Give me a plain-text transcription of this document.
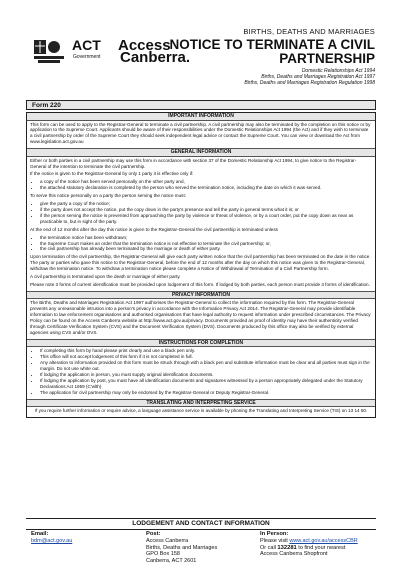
ACT
Government
Access
Canberra.
BIRTHS, DEATHS AND MARRIAGES
NOTICE TO TERMINATE A CIVIL
PARTNERSHIP
Domestic Relationships Act 1994
Births, Deaths and Marriages Registration Act 1997
Births, Deaths and Marriages Registration Regulation 1998
Form 220
IMPORTANT INFORMATION

This form can be used to apply to the Registrar-General to terminate a civil partnership. A civil partnership may also be terminated by the completion on this notice or by application to the Supreme Court. Applicants should be aware of their responsibilities under the Domestic Relationships Act 1994 (the Act) and if they wish to terminate a civil partnership by order of the Supreme Court they should seek independent legal advice or contact the Supreme Court. You can view or download the Act from www.legislation.act.gov.au

GENERAL INFORMATION

Either or both parties in a civil partnership may use this form in accordance with section 37 of the Domestic Relationship Act 1994, to give notice to the Registrar-General of the intention to terminate the civil partnership.

If the notice is given to the Registrar-General by only 1 party it is effective only if:

• a copy of the notice has been served personally on the other party and,
• the attached statutory declaration is completed by the person who served the termination notice, including the date on which it was served.

To serve this notice personally on a party the person serving the notice must:

• give the party a copy of the notice;
• if the party does not accept the notice, put the copy down in the party's presence and tell the party in general terms what it is; or
• if the person serving the notice is prevented from approaching the party by violence or threat of violence, or by a court order, put the copy down as near as practicable to, but in sight of the party.

At the end of 12 months after the day this notice is given to the Registrar-General the civil partnership is terminated unless

• the termination notice has been withdrawn;
• the Supreme Court makes an order that the termination notice is not effective to terminate the civil partnership; or,
• the civil partnership has already been terminated by the marriage or death of either party.

Upon termination of the civil partnership, the Registrar-General will give each party written notice that the civil partnership has been terminated on the date in the notice. The party or parties who gave this notice to the Registrar-General, before the end of 12 months after the day on which this notice was given to the Registrar-General, withdraw the termination notice. To withdraw a termination notice please complete a Notice of Withdrawal of Termination of a Civil Partnership form.

A civil partnership is terminated upon the death or marriage of either party.

Please note 3 forms of current identification must be provided upon lodgement of this form. If lodged by both parties, each person must provide 3 forms of identification.

PRIVACY INFORMATION

The Births, Deaths and Marriages Registration Act 1997 authorises the Registrar-General to collect the information required by this form. The Registrar-General prevents any unreasonable intrusion into a person's privacy in accordance with the Information Privacy Act 2014. The Registrar-General may provide identifiable information to law enforcement organisations and authorised organisations that have legal authority to request information under prescribed circumstances. The Privacy Policy can be found on the Access Canberra website at http://www.act.gov.au/privacy. Documents provided as proof of identity may have their authenticity verified through Certificate Verification System (CVS) and the Document Verification System (DVS). Documents produced by this office may also be verified by external agencies using CVS and/or DVS.

INSTRUCTIONS FOR COMPLETION
• If completing this form by hand please print clearly and use a black pen only.
• This office will not accept lodgement of this form if it is not completed in full.
• Any alteration to information provided on this form must be struck through with a black pen and substitute information must be clear and all parties must sign in the margin. Do not use white out.
• If lodging the application in person, you must supply original identification documents.
• If lodging the application by post, you must have all identification documents and signatures witnessed by a person appropriately delegated under the Statutory Declarations Act 1959 (C'wlth)
• The application for civil partnership may only be endorsed by the Registrar-General or Deputy Registrar-General.
TRANSLATING AND INTERPRETING SERVICE

If you require further information or require advice, a language assistance service is available by phoning the Translating and Interpreting Service (TIS) on 13 14 50.

LODGEMENT AND CONTACT INFORMATION
Email:
bdm@act.gov.au
Post:
Access Canberra
Births, Deaths and Marriages
GPO Box 158
Canberra, ACT 2601
In Person:
Please visit www.act.gov.au/accessCBR
Or call 132281 to find your nearest
Access Canberra Shopfront
